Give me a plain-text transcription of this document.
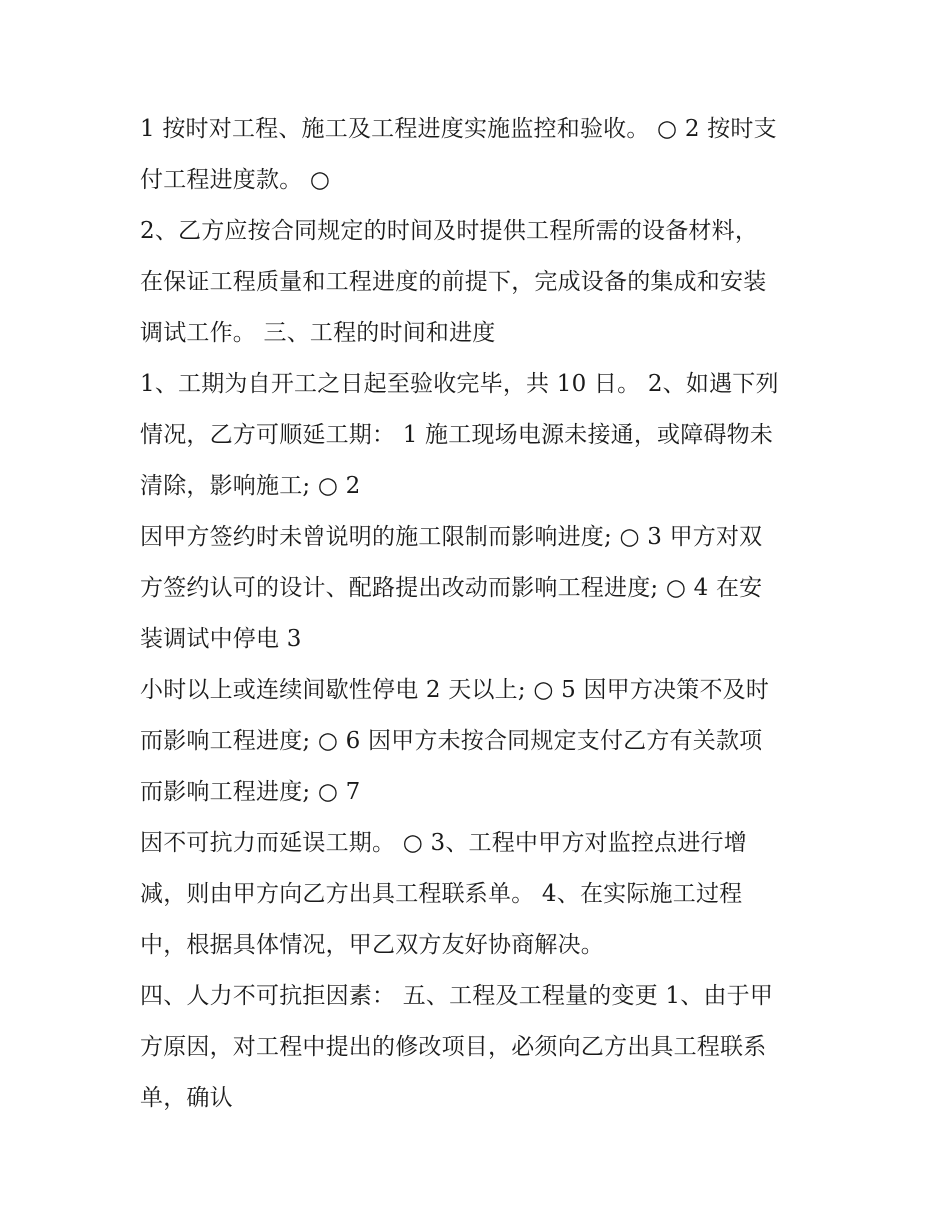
1 按时对工程、施工及工程进度实施监控和验收。 ○ 2 按时支
付工程进度款。 ○
2、乙方应按合同规定的时间及时提供工程所需的设备材料，
在保证工程质量和工程进度的前提下，完成设备的集成和安装
调试工作。 三、工程的时间和进度
1、工期为自开工之日起至验收完毕，共 10 日。 2、如遇下列
情况，乙方可顺延工期： 1 施工现场电源未接通，或障碍物未
清除，影响施工; ○ 2
因甲方签约时未曾说明的施工限制而影响进度; ○ 3 甲方对双
方签约认可的设计、配路提出改动而影响工程进度; ○ 4 在安
装调试中停电 3
小时以上或连续间歇性停电 2 天以上; ○ 5 因甲方决策不及时
而影响工程进度; ○ 6 因甲方未按合同规定支付乙方有关款项
而影响工程进度; ○ 7
因不可抗力而延误工期。 ○ 3、工程中甲方对监控点进行增
减，则由甲方向乙方出具工程联系单。 4、在实际施工过程
中，根据具体情况，甲乙双方友好协商解决。
四、人力不可抗拒因素： 五、工程及工程量的变更 1、由于甲
方原因，对工程中提出的修改项目，必须向乙方出具工程联系
单，确认
